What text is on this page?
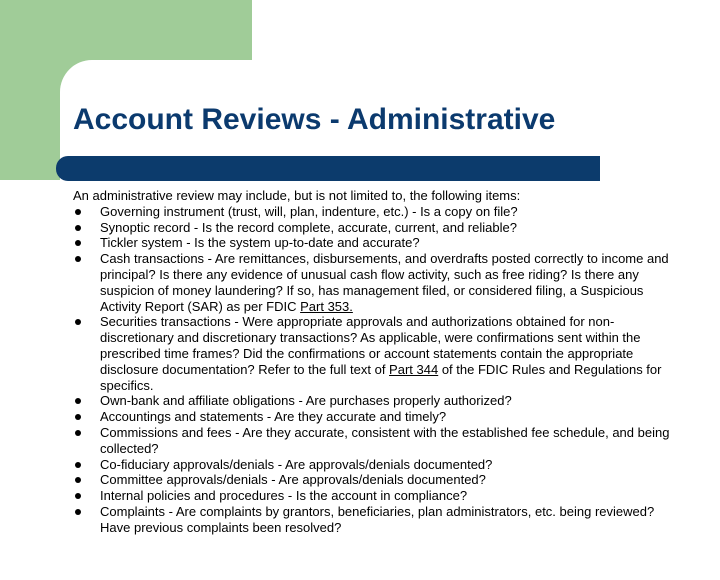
Account Reviews - Administrative

An administrative review may include, but is not limited to, the following items:

Governing instrument (trust, will, plan, indenture, etc.) - Is a copy on file?
Synoptic record - Is the record complete, accurate, current, and reliable?
Tickler system - Is the system up-to-date and accurate?
Cash transactions - Are remittances, disbursements, and overdrafts posted correctly to income and principal? Is there any evidence of unusual cash flow activity, such as free riding? Is there any suspicion of money laundering? If so, has management filed, or considered filing, a Suspicious Activity Report (SAR) as per FDIC Part 353.
Securities transactions - Were appropriate approvals and authorizations obtained for non-discretionary and discretionary transactions? As applicable, were confirmations sent within the prescribed time frames? Did the confirmations or account statements contain the appropriate disclosure documentation? Refer to the full text of Part 344 of the FDIC Rules and Regulations for specifics.
Own-bank and affiliate obligations - Are purchases properly authorized?
Accountings and statements - Are they accurate and timely?
Commissions and fees - Are they accurate, consistent with the established fee schedule, and being collected?
Co-fiduciary approvals/denials - Are approvals/denials documented?
Committee approvals/denials - Are approvals/denials documented?
Internal policies and procedures - Is the account in compliance?
Complaints - Are complaints by grantors, beneficiaries, plan administrators, etc. being reviewed? Have previous complaints been resolved?
